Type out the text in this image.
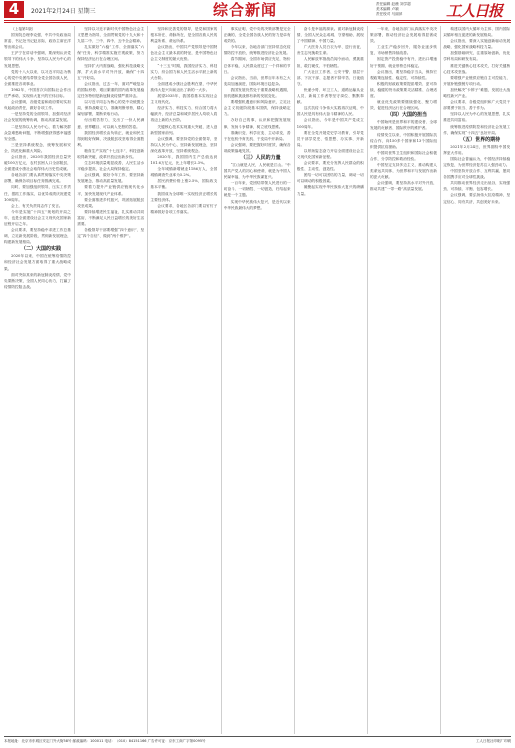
4	2021年2月24日 星期三	综合新闻	责任编辑 赵薇 刘学超
美术编辑 卢颖
责任校对 马丽萍	工人日报

（上接第1版）

国务院总理李克强，中共中央政治局常委、书记处书记赵乐际，政协主席汪洋等出席会议。

王沪宁在讲话中强调，要深刻认识党领导下的伟大斗争，坚持以人民为中心的发展思想。

党的十八大以来，以习近平同志为核心的党中央团结带领全党全国各族人民，全面推进各项事业。

1982年，中国首次向国际社会作出庄严承诺，实现伟大复兴的宏伟目标。

会议强调，各级党委和政府要切实担负起政治责任，做好各项工作。

一是坚持党的全面领导，加强对经济社会发展的统筹协调，推动高质量发展。

二是坚持以人民为中心，着力解决群众急难愁盼问题，不断增强获得感幸福感安全感。

三是坚持系统观念，统筹发展和安全，防范化解重大风险。

会议指出，2020年我国经济总量突破100万亿元，农村贫困人口全部脱贫，全面建成小康社会取得伟大历史性成就。

各地各部门要认真贯彻落实中央决策部署，确保各项目标任务圆满完成。

同时，要加强组织领导，压实工作责任，狠抓工作落实，以优异成绩庆祝建党100周年。

会上，有关负责同志作了发言。

今年是实施“十四五”规划的开局之年，也是全面建设社会主义现代化国家新征程开启之年。

会议要求，要坚持稳中求进工作总基调，立足新发展阶段，贯彻新发展理念，构建新发展格局。

（二）大国的实践

2020年以来，中国在统筹疫情防控和经济社会发展方面取得了重大战略成果。

面对突如其来的新冠肺炎疫情，党中央果断决策，全国人民同心协力，打赢了疫情防控阻击战。

坚持以习近平新时代中国特色社会主义思想为指导，全面贯彻党的十九大和十九届二中、三中、四中、五中全会精神。

扎实做好“六稳”工作、全面落实“六保”任务，科学精准实施宏观政策，努力保持经济运行在合理区间。

坚持扩大内需战略，强化科技战略支撑，扩大高水平对外开放，确保“十四五”开好局。

会议指出，过去一年，面对严峻复杂的国际形势、艰巨繁重的国内改革发展稳定任务特别是新冠肺炎疫情严重冲击。

以习近平同志为核心的党中央统揽全局，保持战略定力，准确判断形势，精心谋划部署，果断采取行动。

付出艰苦努力，交出了一份人民满意、世界瞩目、可以载入史册的答卷。

我国经济增长由负转正，就业和民生得到较好保障，决战脱贫攻坚取得全面胜利。

粮食生产实现“十七连丰”，科技创新取得新突破，改革开放迈出新步伐。

生态环境质量明显改善，人民生活水平稳步提高，社会大局保持稳定。

会议强调，做好今年工作，要坚持新发展理念，推动高质量发展。

要着力提升产业链供应链现代化水平，加快发展现代产业体系。

要全面推进乡村振兴，巩固拓展脱贫攻坚成果。

要持续增进民生福祉，扎实推动共同富裕，不断满足人民日益增长的美好生活需要。

各级领导干部要增强“四个意识”、坚定“四个自信”、做到“两个维护”。

坚持和完善党的领导，是党和国家的根本所在、命脉所在，是全国各族人民的利益所系、命运所系。

会议指出，中国共产党领导是中国特色社会主义最本质的特征，是中国特色社会主义制度的最大优势。

“十三五”时期，我国经济实力、科技实力、综合国力和人民生活水平跃上新的大台阶。

全面建成小康社会胜利在望，中华民族伟大复兴向前迈出了新的一大步。

展望2035年，我国将基本实现社会主义现代化。

经济实力、科技实力、综合国力将大幅跃升，经济总量和城乡居民人均收入将再迈上新的大台阶。

关键核心技术实现重大突破，进入创新型国家前列。

会议强调，要坚持党的全面领导，坚持以人民为中心，坚持新发展理念，坚持深化改革开放，坚持系统观念。

2020年，我国国内生产总值达到101.6万亿元，比上年增长2.3%。

全年城镇新增就业1186万人，全国城镇调查失业率为5.2%。

居民消费价格上涨2.5%，国际收支基本平衡。

我国成为全球唯一实现经济正增长的主要经济体。

会议要求，各地区各部门要以钉钉子精神抓好各项工作落实。

事实证明，党中央的决策部署是完全正确的，全党全国各族人民的努力是卓有成效的。

今年以来，各地各部门坚持常态化疫情防控不放松，统筹推进经济社会发展。

春节期间，全国市场供应充足，物价总体平稳，人民群众度过了一个祥和的节日。

会议指出，当前，世界百年未有之大变局加速演进，国际环境日趋复杂。

我国发展仍然处于重要战略机遇期，但机遇和挑战都有新的发展变化。

要增强机遇意识和风险意识，立足社会主义初级阶段基本国情，保持战略定力。

办好自己的事，认识和把握发展规律，发扬斗争精神，树立底线思维。

准确识变、科学应变、主动求变，善于在危机中育先机、于变局中开新局。

会议强调，要把握好时度效，确保各项政策落地见效。

（三）人民的力量

“江山就是人民，人民就是江山。”中国共产党人的初心和使命，就是为中国人民谋幸福，为中华民族谋复兴。

一百年来，党团结带领人民进行的一切奋斗、一切牺牲、一切创造，归结起来就是一个主题。

实现中华民族伟大复兴，是近代以来中华民族最伟大的梦想。

奋斗是幸福的源泉。面对新冠肺炎疫情，全国人民众志成城、守望相助，展现了中国精神、中国力量。

广大医务人员白衣为甲、逆行出征，舍生忘死挽救生命。

人民解放军指战员闻令而动、勇挑重担，敢打硬仗、不怕牺牲。

广大社区工作者、公安干警、基层干部、下沉干部、志愿者不辞辛苦、日夜值守。

快递小哥、环卫工人、道路运输从业人员、新闻工作者等坚守岗位、默默奉献。

这次抗疫斗争伟大实践再次证明，中国人民是具有伟大奋斗精神的人民。

会议指出，今年是中国共产党成立100周年。

要在全党开展党史学习教育，引导党员干部学党史、悟思想、办实事、开新局。

以昂扬姿态奋力开启全面建设社会主义现代化国家新征程。

会议要求，要充分发挥人民群众的积极性、主动性、创造性。

团结一切可以团结的力量，调动一切可以调动的积极因素。

凝聚起实现中华民族伟大复兴的磅礴力量。

一年来，各地各部门认真落实中央决策部署，推动经济社会发展取得显著成效。

工业生产稳步回升，服务业逐步恢复，市场销售持续改善。

固定资产投资稳中有升，进出口增速好于预期，就业形势总体稳定。

会议指出，要坚持稳字当头，保持宏观政策连续性、稳定性、可持续性。

积极的财政政策要提质增效、更可持续，稳健的货币政策要灵活精准、合理适度。

就业优先政策要继续强化、聚力增效，促进经济运行在合理区间。

（四）大国的担当

中国始终是世界和平的建设者、全球发展的贡献者、国际秩序的维护者。

疫情发生以来，中国积极开展国际抗疫合作，向150多个国家和13个国际组织提供抗疫援助。

中国同世界卫生组织和国际社会积极合作，分享防控和救治经验。

中国坚定支持多边主义，推动构建人类命运共同体，为世界和平与发展作出新的更大贡献。

会议强调，要坚持高水平对外开放，推动共建“一带一路”高质量发展。

构建以国内大循环为主体、国内国际双循环相互促进的新发展格局。

会议指出，要深入实施创新驱动发展战略，强化国家战略科技力量。

加强基础研究，注重原始创新，优化学科布局和研发布局。

推进关键核心技术攻关，打好关键核心技术攻坚战。

要增强产业链供应链自主可控能力，开展补链强链专项行动。

加快解决“卡脖子”难题，发展壮大战略性新兴产业。

会议要求，各级党组织和广大党员干部要勇于担当、善于作为。

坚持以人民为中心的发展思想，扎实推进共同富裕。

统筹推进疫情防控和经济社会发展工作，确保实现“十四五”良好开局。

（五）世界的期待

2021年2月24日，世界期待中国发挥更大作用。

国际社会普遍认为，中国经济持续稳定恢复，为世界经济复苏注入强劲动力。

中国坚持开放合作、互利共赢，愿同各国携手应对全球性挑战。

共同推动世界经济走出低谷，实现强劲、可持续、平衡、包容增长。

会议强调，要弘扬伟大抗疫精神，坚定信心、同舟共济，共创美好未来。

本报地址：北京市东城区安定门外大街58号 邮政编码：100011 电话：（010）84151166 广告许可证：京东工商广字第0095号	工人日报社印刷厂印刷
